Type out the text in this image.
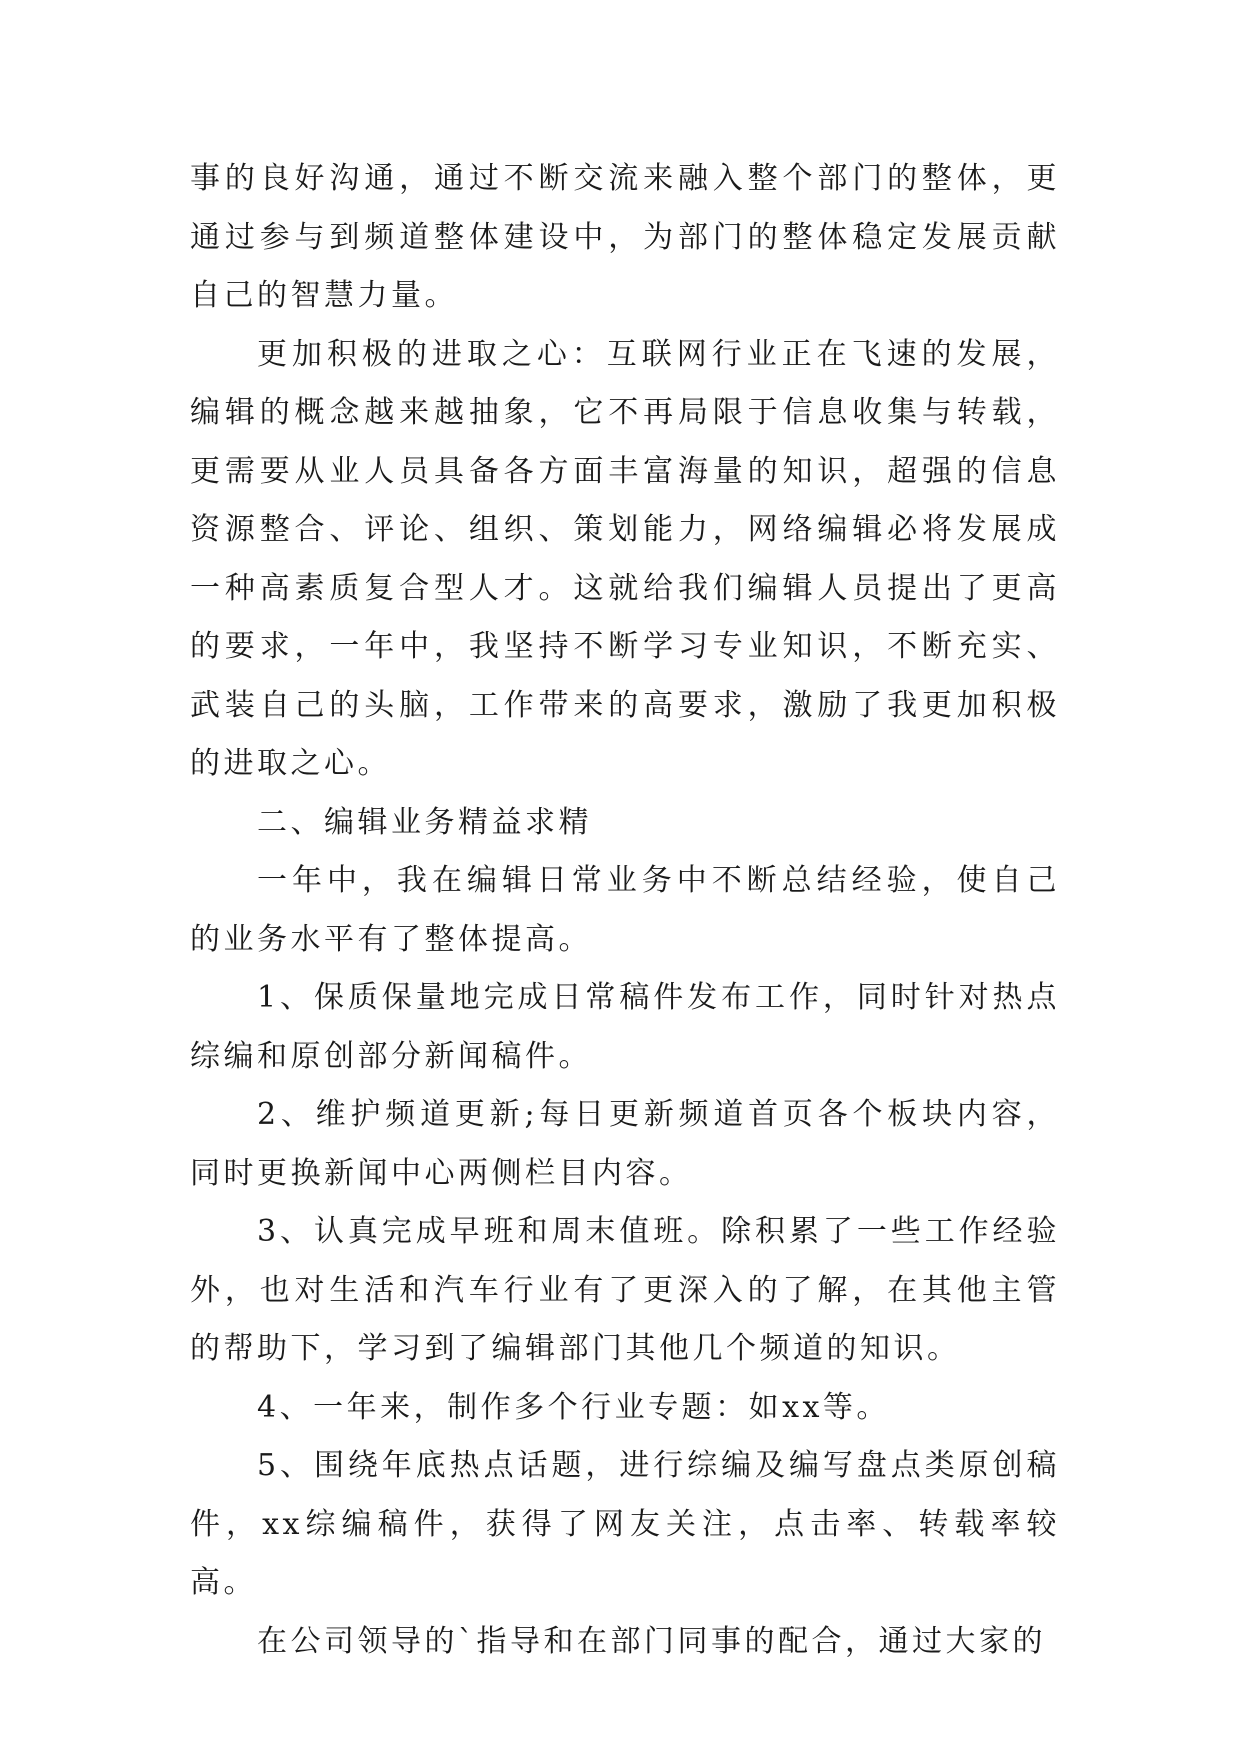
事的良好沟通，通过不断交流来融入整个部门的整体，更通过参与到频道整体建设中，为部门的整体稳定发展贡献自己的智慧力量。

更加积极的进取之心：互联网行业正在飞速的发展，编辑的概念越来越抽象，它不再局限于信息收集与转载，更需要从业人员具备各方面丰富海量的知识，超强的信息资源整合、评论、组织、策划能力，网络编辑必将发展成一种高素质复合型人才。这就给我们编辑人员提出了更高的要求，一年中，我坚持不断学习专业知识，不断充实、武装自己的头脑，工作带来的高要求，激励了我更加积极的进取之心。

二、编辑业务精益求精

一年中，我在编辑日常业务中不断总结经验，使自己的业务水平有了整体提高。

1、保质保量地完成日常稿件发布工作，同时针对热点综编和原创部分新闻稿件。

2、维护频道更新;每日更新频道首页各个板块内容，同时更换新闻中心两侧栏目内容。

3、认真完成早班和周末值班。除积累了一些工作经验外，也对生活和汽车行业有了更深入的了解，在其他主管的帮助下，学习到了编辑部门其他几个频道的知识。

4、一年来，制作多个行业专题：如xx等。

5、围绕年底热点话题，进行综编及编写盘点类原创稿件，xx综编稿件，获得了网友关注，点击率、转载率较高。

在公司领导的`指导和在部门同事的配合，通过大家的
